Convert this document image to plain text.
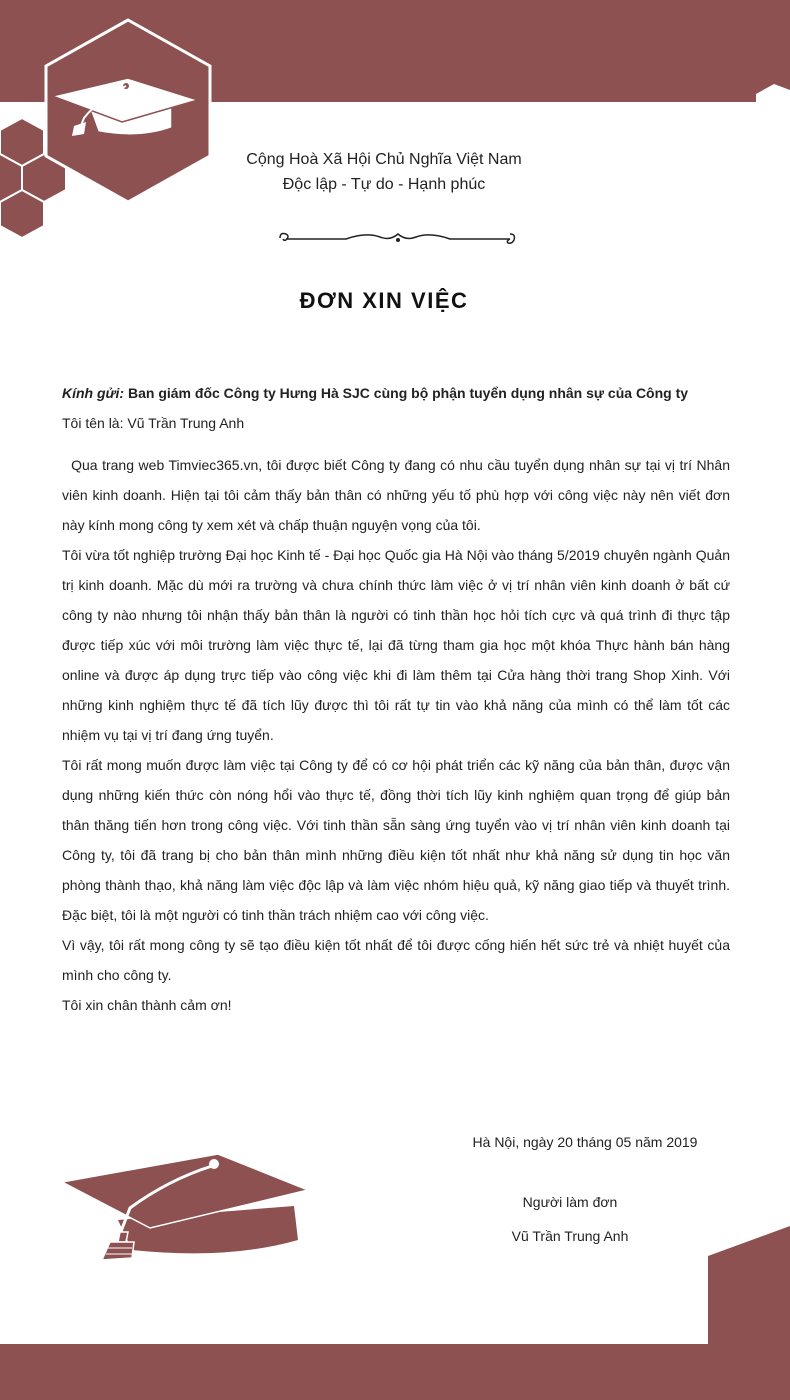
Cộng Hoà Xã Hội Chủ Nghĩa Việt Nam
Độc lập - Tự do - Hạnh phúc
ĐƠN XIN VIỆC

Kính gửi: Ban giám đốc Công ty Hưng Hà SJC cùng bộ phận tuyển dụng nhân sự của Công ty

Tôi tên là: Vũ Trần Trung Anh

Qua trang web Timviec365.vn, tôi được biết Công ty đang có nhu cầu tuyển dụng nhân sự tại vị trí Nhân viên kinh doanh. Hiện tại tôi cảm thấy bản thân có những yếu tố phù hợp với công việc này nên viết đơn này kính mong công ty xem xét và chấp thuận nguyện vọng của tôi.

Tôi vừa tốt nghiệp trường Đại học Kinh tế - Đại học Quốc gia Hà Nội vào tháng 5/2019 chuyên ngành Quản trị kinh doanh. Mặc dù mới ra trường và chưa chính thức làm việc ở vị trí nhân viên kinh doanh ở bất cứ công ty nào nhưng tôi nhận thấy bản thân là người có tinh thần học hỏi tích cực và quá trình đi thực tập được tiếp xúc với môi trường làm việc thực tế, lại đã từng tham gia học một khóa Thực hành bán hàng online và được áp dụng trực tiếp vào công việc khi đi làm thêm tại Cửa hàng thời trang Shop Xinh. Với những kinh nghiệm thực tế đã tích lũy được thì tôi rất tự tin vào khả năng của mình có thể làm tốt các nhiệm vụ tại vị trí đang ứng tuyển.

Tôi rất mong muốn được làm việc tại Công ty để có cơ hội phát triển các kỹ năng của bản thân, được vận dụng những kiến thức còn nóng hổi vào thực tế, đồng thời tích lũy kinh nghiệm quan trọng để giúp bản thân thăng tiến hơn trong công việc. Với tinh thần sẵn sàng ứng tuyển vào vị trí nhân viên kinh doanh tại Công ty, tôi đã trang bị cho bản thân mình những điều kiện tốt nhất như khả năng sử dụng tin học văn phòng thành thạo, khả năng làm việc độc lập và làm việc nhóm hiệu quả, kỹ năng giao tiếp và thuyết trình. Đặc biệt, tôi là một người có tinh thần trách nhiệm cao với công việc.

Vì vậy, tôi rất mong công ty sẽ tạo điều kiện tốt nhất để tôi được cống hiến hết sức trẻ và nhiệt huyết của mình cho công ty.

Tôi xin chân thành cảm ơn!

Hà Nội, ngày 20 tháng 05 năm 2019
Người làm đơn
Vũ Trần Trung Anh
